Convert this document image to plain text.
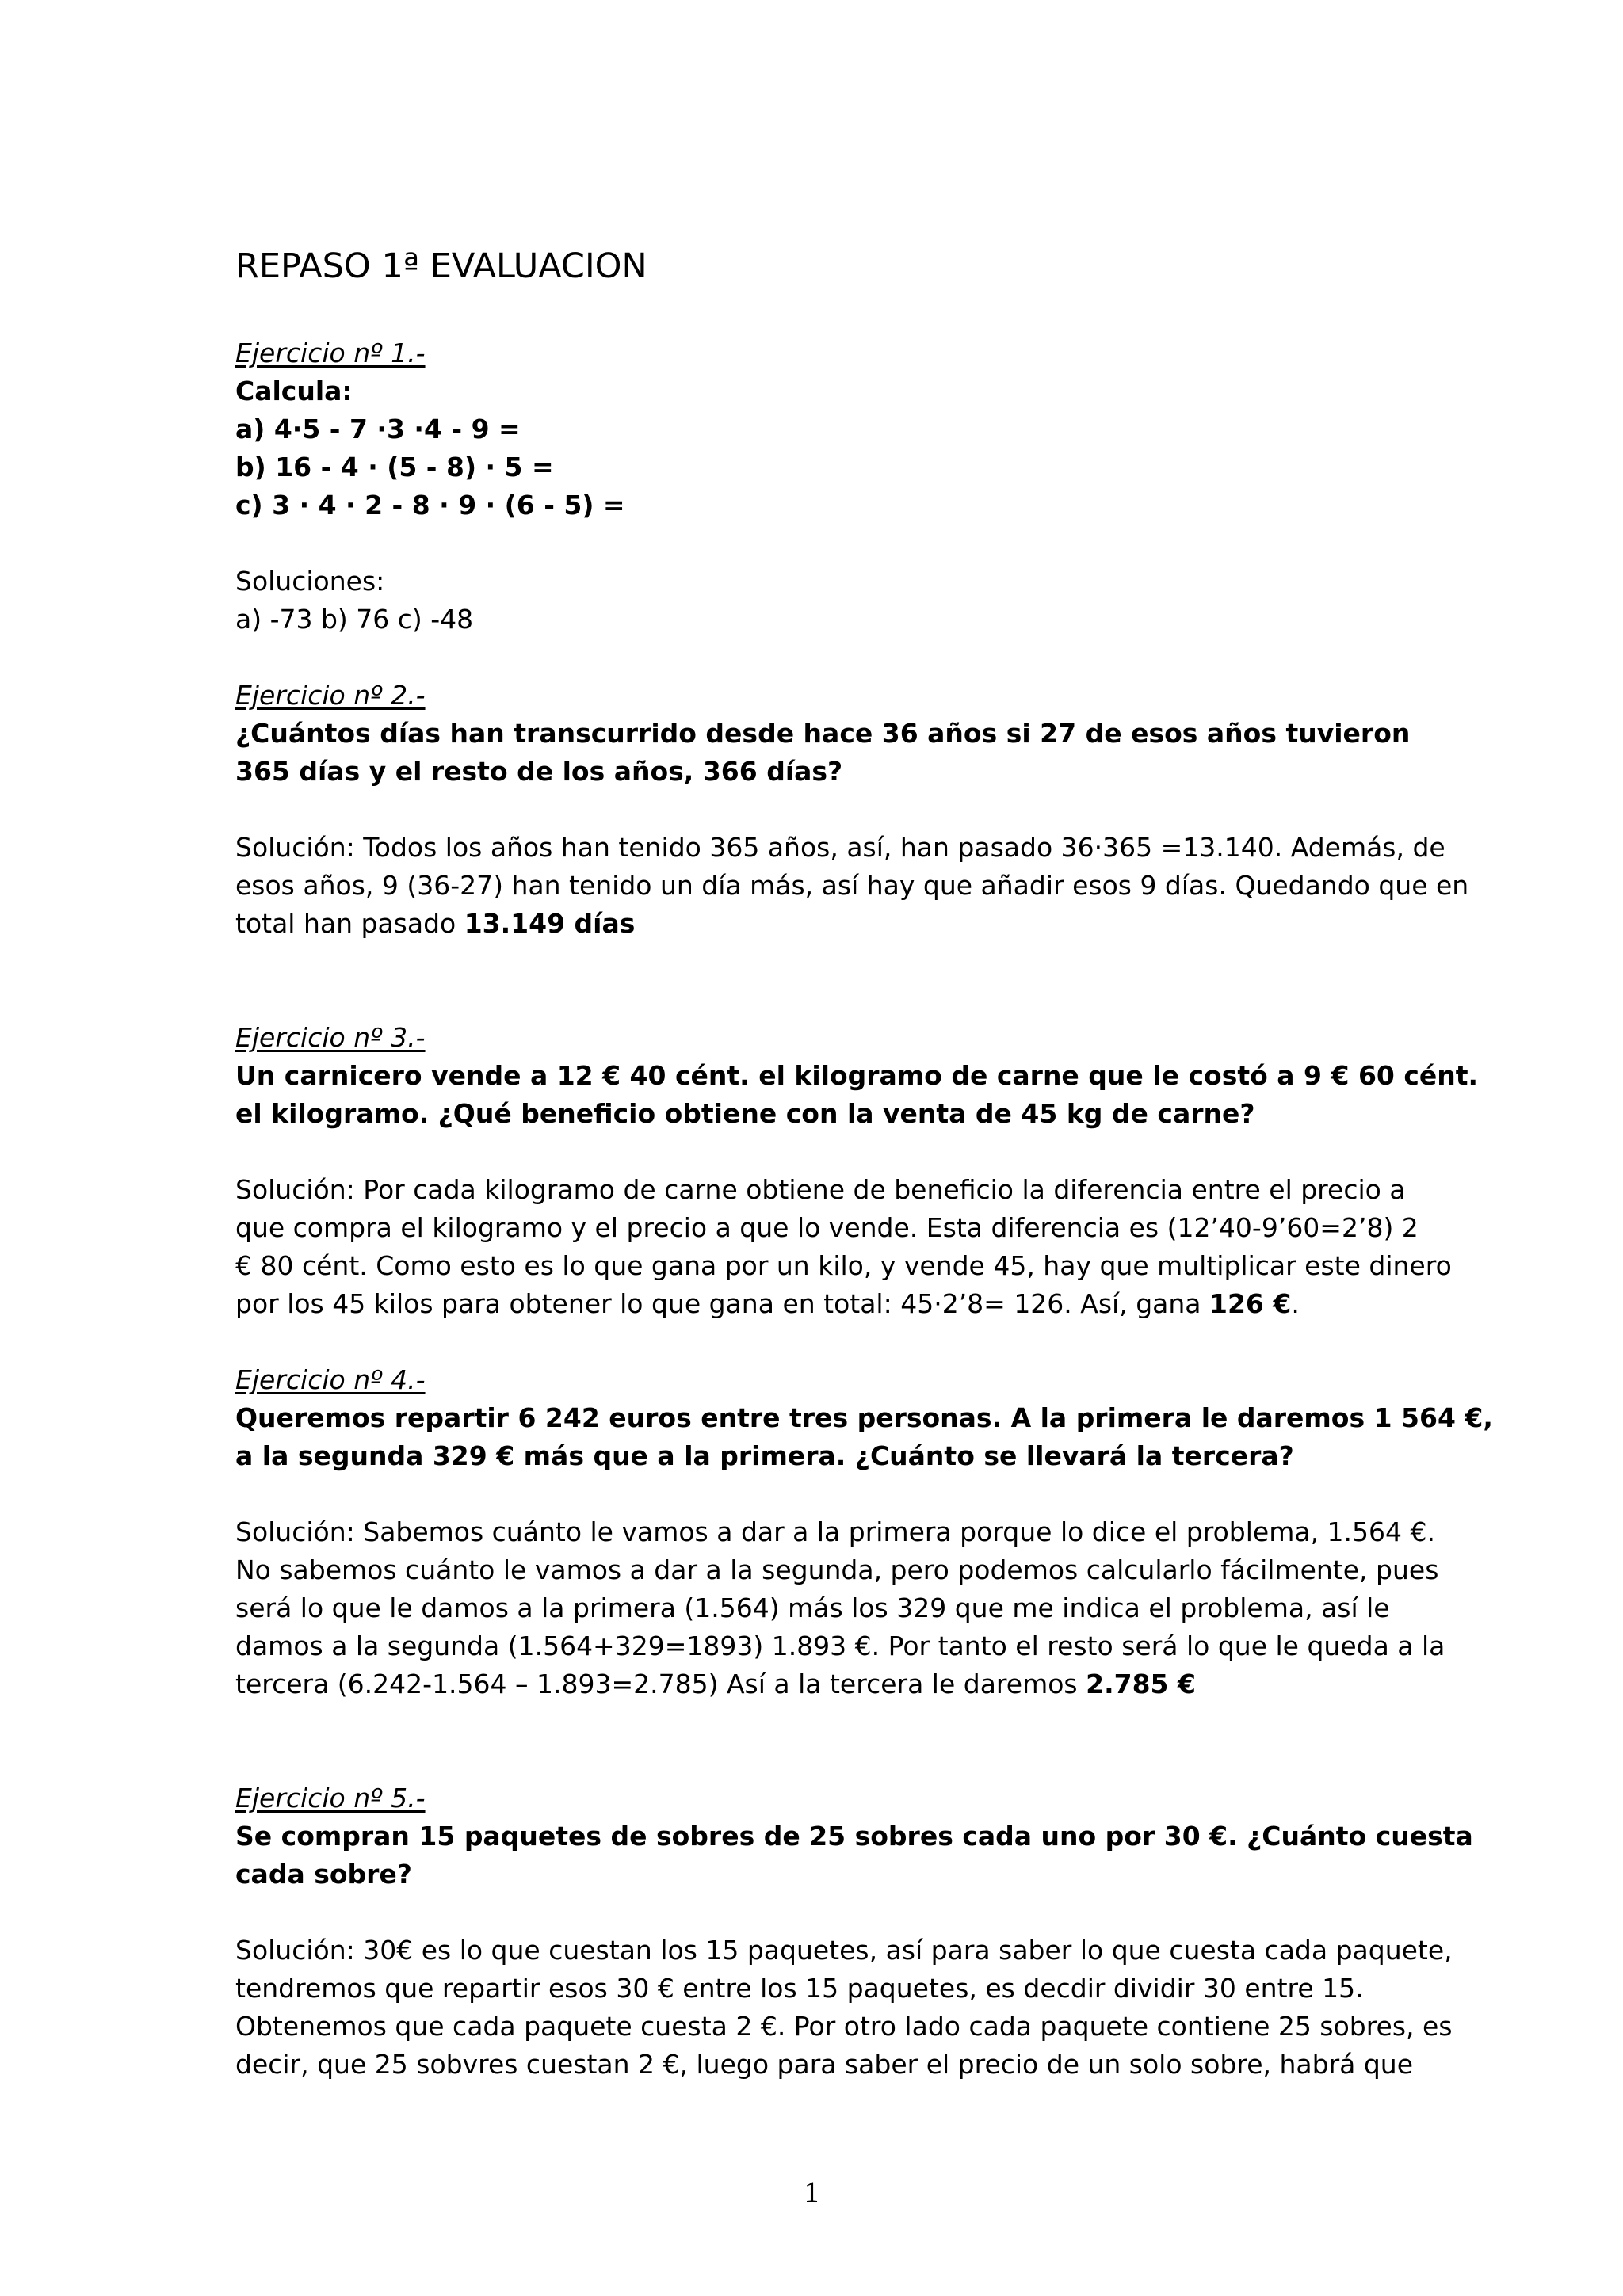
REPASO 1ª EVALUACION

Ejercicio nº 1.-

Calcula:

a) 4·5 - 7 ·3 ·4 - 9 =

b) 16 - 4 · (5 - 8) · 5 =

c) 3 · 4 · 2 - 8 · 9 · (6 - 5) =

Soluciones:

a) -73 b) 76 c) -48

Ejercicio nº 2.-

¿Cuántos días han transcurrido desde hace 36 años si 27 de esos años tuvieron

365 días y el resto de los años, 366 días?

Solución: Todos los años han tenido 365 años, así, han pasado 36·365 =13.140. Además, de

esos años, 9 (36-27) han tenido un día más, así hay que añadir esos 9 días. Quedando que en

total han pasado 13.149 días

Ejercicio nº 3.-

Un carnicero vende a 12 € 40 cént. el kilogramo de carne que le costó a 9 € 60 cént.

el kilogramo. ¿Qué beneficio obtiene con la venta de 45 kg de carne?

Solución: Por cada kilogramo de carne obtiene de beneficio la diferencia entre el precio a

que compra el kilogramo y el precio a que lo vende. Esta diferencia es (12’40-9’60=2’8) 2

€ 80 cént. Como esto es lo que gana por un kilo, y vende 45, hay que multiplicar este dinero

por los 45 kilos para obtener lo que gana en total: 45·2’8= 126. Así, gana 126 €.

Ejercicio nº 4.-

Queremos repartir 6 242 euros entre tres personas. A la primera le daremos 1 564 €,

a la segunda 329 € más que a la primera. ¿Cuánto se llevará la tercera?

Solución: Sabemos cuánto le vamos a dar a la primera porque lo dice el problema, 1.564 €.

No sabemos cuánto le vamos a dar a la segunda, pero podemos calcularlo fácilmente, pues

será lo que le damos a la primera (1.564) más los 329 que me indica el problema, así le

damos a la segunda (1.564+329=1893) 1.893 €. Por tanto el resto será lo que le queda a la

tercera (6.242-1.564 – 1.893=2.785) Así a la tercera le daremos 2.785 €

Ejercicio nº 5.-

Se compran 15 paquetes de sobres de 25 sobres cada uno por 30 €. ¿Cuánto cuesta

cada sobre?

Solución: 30€ es lo que cuestan los 15 paquetes, así para saber lo que cuesta cada paquete,

tendremos que repartir esos 30 € entre los 15 paquetes, es decdir dividir 30 entre 15.

Obtenemos que cada paquete cuesta 2 €. Por otro lado cada paquete contiene 25 sobres, es

decir, que 25 sobvres cuestan 2 €, luego para saber el precio de un solo sobre, habrá que

1
